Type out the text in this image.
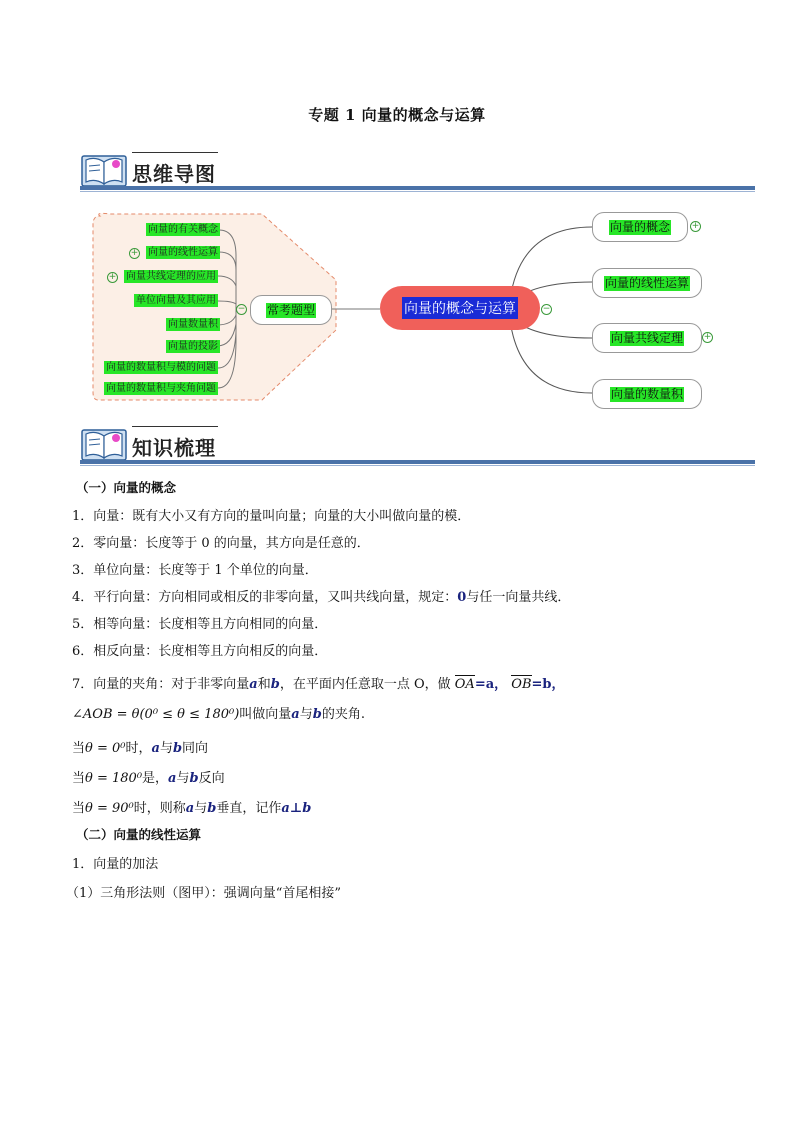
专题 1 向量的概念与运算
思维导图
向量的有关概念
向量的线性运算
向量共线定理的应用
单位向量及其应用
向量数量积
向量的投影
向量的数量积与模的问题
向量的数量积与夹角问题
+
+
常考题型
−	向量的概念与运算	−
向量的概念 +
向量的线性运算
向量共线定理 +
向量的数量积
知识梳理
（一）向量的概念
1．向量：既有大小又有方向的量叫向量；向量的大小叫做向量的模．
2．零向量：长度等于 0 的向量，其方向是任意的．
3．单位向量：长度等于 1 个单位的向量．
4．平行向量：方向相同或相反的非零向量，又叫共线向量，规定：0与任一向量共线．
5．相等向量：长度相等且方向相同的向量．
6．相反向量：长度相等且方向相反的向量．
7．向量的夹角：对于非零向量a和b，在平面内任意取一点 O，做 OA=a， OB=b，
∠AOB = θ(0⁰ ≤ θ ≤ 180⁰)叫做向量a与b的夹角.
当θ = 0⁰时，a与b同向
当θ = 180⁰是，a与b反向
当θ = 90⁰时，则称a与b垂直，记作a⊥b
（二）向量的线性运算
1．向量的加法
（1）三角形法则（图甲）：强调向量“首尾相接”
